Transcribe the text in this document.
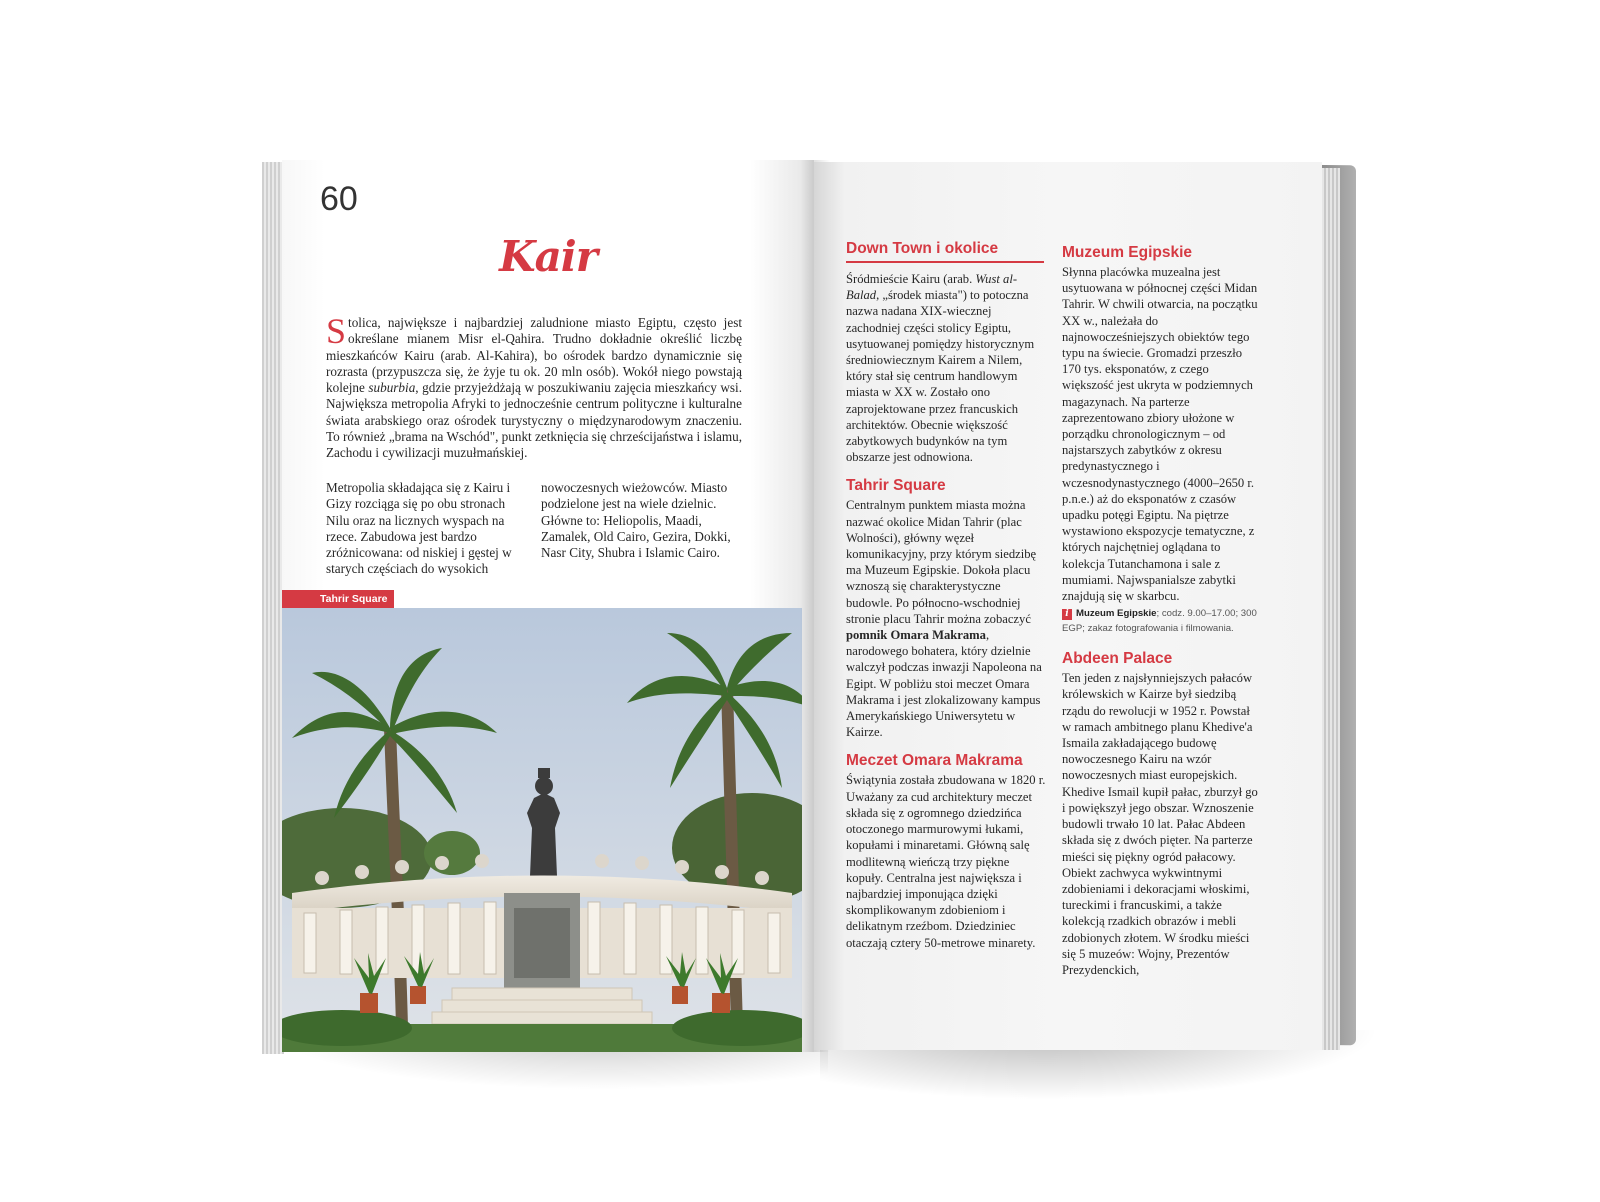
60
Kair
Stolica, największe i najbardziej zaludnione miasto Egiptu, często jest określane mianem Misr el-Qahira. Trudno dokładnie określić liczbę mieszkańców Kairu (arab. Al-Kahira), bo ośrodek bardzo dynamicznie się rozrasta (przypuszcza się, że żyje tu ok. 20 mln osób). Wokół niego powstają kolejne suburbia, gdzie przyjeżdżają w poszukiwaniu zajęcia mieszkańcy wsi. Największa metropolia Afryki to jednocześnie centrum polityczne i kulturalne świata arabskiego oraz ośrodek turystyczny o międzynarodowym znaczeniu. To również „brama na Wschód", punkt zetknięcia się chrześcijaństwa i islamu, Zachodu i cywilizacji muzułmańskiej.
Metropolia składająca się z Kairu i Gizy rozciąga się po obu stronach Nilu oraz na licznych wyspach na rzece. Zabudowa jest bardzo zróżnicowana: od niskiej i gęstej w starych częściach do wysokich nowoczesnych wieżowców. Miasto podzielone jest na wiele dzielnic. Główne to: Heliopolis, Maadi, Zamalek, Old Cairo, Gezira, Dokki, Nasr City, Shubra i Islamic Cairo.
Tahrir Square
Down Town i okolice

Śródmieście Kairu (arab. Wust al-Balad, „środek miasta") to potoczna nazwa nadana XIX-wiecznej zachodniej części stolicy Egiptu, usytuowanej pomiędzy historycznym średniowiecznym Kairem a Nilem, który stał się centrum handlowym miasta w XX w. Zostało ono zaprojektowane przez francuskich architektów. Obecnie większość zabytkowych budynków na tym obszarze jest odnowiona.

Tahrir Square

Centralnym punktem miasta można nazwać okolice Midan Tahrir (plac Wolności), główny węzeł komunikacyjny, przy którym siedzibę ma Muzeum Egipskie. Dokoła placu wznoszą się charakterystyczne budowle. Po północno-wschodniej stronie placu Tahrir można zobaczyć pomnik Omara Makrama, narodowego bohatera, który dzielnie walczył podczas inwazji Napoleona na Egipt. W pobliżu stoi meczet Omara Makrama i jest zlokalizowany kampus Amerykańskiego Uniwersytetu w Kairze.

Meczet Omara Makrama

Świątynia została zbudowana w 1820 r. Uważany za cud architektury meczet składa się z ogromnego dziedzińca otoczonego marmurowymi łukami, kopułami i minaretami. Główną salę modlitewną wieńczą trzy piękne kopuły. Centralna jest największa i najbardziej imponująca dzięki skomplikowanym zdobieniom i delikatnym rzeźbom. Dziedziniec otaczają cztery 50-metrowe minarety.

Muzeum Egipskie

Słynna placówka muzealna jest usytuowana w północnej części Midan Tahrir. W chwili otwarcia, na początku XX w., należała do najnowocześniejszych obiektów tego typu na świecie. Gromadzi przeszło 170 tys. eksponatów, z czego większość jest ukryta w podziemnych magazynach. Na parterze zaprezentowano zbiory ułożone w porządku chronologicznym – od najstarszych zabytków z okresu predynastycznego i wczesnodynastycznego (4000–2650 r. p.n.e.) aż do eksponatów z czasów upadku potęgi Egiptu. Na piętrze wystawiono ekspozycje tematyczne, z których najchętniej oglądana to kolekcja Tutanchamona i sale z mumiami. Najwspanialsze zabytki znajdują się w skarbcu.

i Muzeum Egipskie; codz. 9.00–17.00; 300 EGP; zakaz fotografowania i filmowania.
Abdeen Palace

Ten jeden z najsłynniejszych pałaców królewskich w Kairze był siedzibą rządu do rewolucji w 1952 r. Powstał w ramach ambitnego planu Khedive'a Ismaila zakładającego budowę nowoczesnego Kairu na wzór nowoczesnych miast europejskich. Khedive Ismail kupił pałac, zburzył go i powiększył jego obszar. Wznoszenie budowli trwało 10 lat. Pałac Abdeen składa się z dwóch pięter. Na parterze mieści się piękny ogród pałacowy. Obiekt zachwyca wykwintnymi zdobieniami i dekoracjami włoskimi, tureckimi i francuskimi, a także kolekcją rzadkich obrazów i mebli zdobionych złotem. W środku mieści się 5 muzeów: Wojny, Prezentów Prezydenckich,
